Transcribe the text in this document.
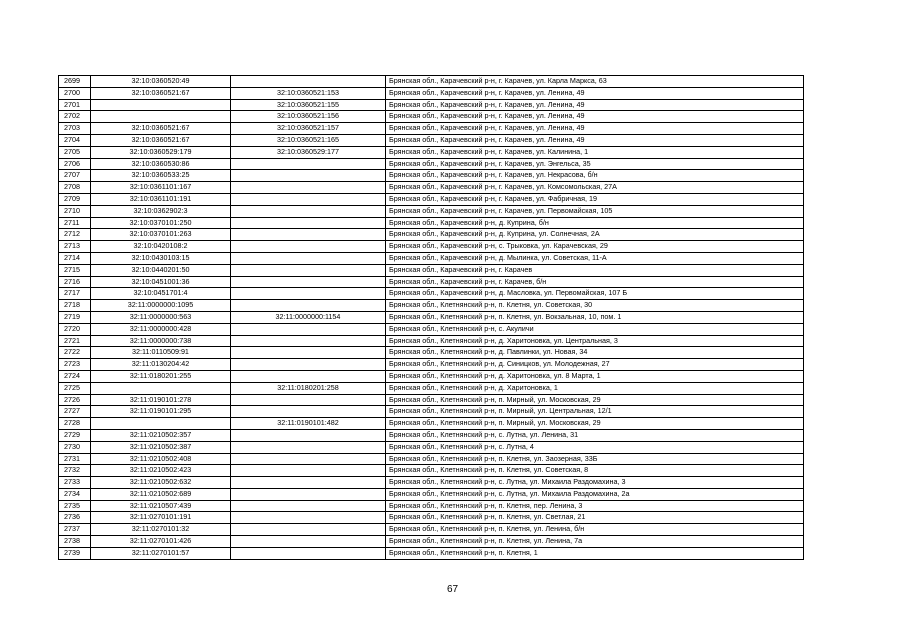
2699	32:10:0360520:49		Брянская обл., Карачевский р-н, г. Карачев, ул. Карла Маркса, 63
2700	32:10:0360521:67	32:10:0360521:153	Брянская обл., Карачевский р-н, г. Карачев, ул. Ленина, 49
2701		32:10:0360521:155	Брянская обл., Карачевский р-н, г. Карачев, ул. Ленина, 49
2702		32:10:0360521:156	Брянская обл., Карачевский р-н, г. Карачев, ул. Ленина, 49
2703	32:10:0360521:67	32:10:0360521:157	Брянская обл., Карачевский р-н, г. Карачев, ул. Ленина, 49
2704	32:10:0360521:67	32:10:0360521:165	Брянская обл., Карачевский р-н, г. Карачев, ул. Ленина, 49
2705	32:10:0360529:179	32:10:0360529:177	Брянская обл., Карачевский р-н, г. Карачев, ул. Калинина, 1
2706	32:10:0360530:86		Брянская обл., Карачевский р-н, г. Карачев, ул. Энгельса, 35
2707	32:10:0360533:25		Брянская обл., Карачевский р-н, г. Карачев, ул. Некрасова, б/н
2708	32:10:0361101:167		Брянская обл., Карачевский р-н, г. Карачев, ул. Комсомольская, 27А
2709	32:10:0361101:191		Брянская обл., Карачевский р-н, г. Карачев, ул. Фабричная, 19
2710	32:10:0362902:3		Брянская обл., Карачевский р-н, г. Карачев, ул. Первомайская, 105
2711	32:10:0370101:250		Брянская обл., Карачевский р-н, д. Куприна, б/н
2712	32:10:0370101:263		Брянская обл., Карачевский р-н, д. Куприна, ул. Солнечная, 2А
2713	32:10:0420108:2		Брянская обл., Карачевский р-н, с. Трыковка, ул. Карачевская, 29
2714	32:10:0430103:15		Брянская обл., Карачевский р-н, д. Мылинка, ул. Советская, 11-А
2715	32:10:0440201:50		Брянская обл., Карачевский р-н, г. Карачев
2716	32:10:0451001:36		Брянская обл., Карачевский р-н, г. Карачев, б/н
2717	32:10:0451701:4		Брянская обл., Карачевский р-н, д. Масловка, ул. Первомайская, 107 Б
2718	32:11:0000000:1095		Брянская обл., Клетнянский р-н, п. Клетня, ул. Советская, 30
2719	32:11:0000000:563	32:11:0000000:1154	Брянская обл., Клетнянский р-н, п. Клетня, ул. Вокзальная, 10, пом. 1
2720	32:11:0000000:428		Брянская обл., Клетнянский р-н, с. Акуличи
2721	32:11:0000000:738		Брянская обл., Клетнянский р-н, д. Харитоновка, ул. Центральная, 3
2722	32:11:0110509:91		Брянская обл., Клетнянский р-н, д. Павлинки, ул. Новая, 34
2723	32:11:0130204:42		Брянская обл., Клетнянский р-н, д. Синицков, ул. Молодежная, 27
2724	32:11:0180201:255		Брянская обл., Клетнянский р-н, д. Харитоновка, ул. 8 Марта, 1
2725		32:11:0180201:258	Брянская обл., Клетнянский р-н, д. Харитоновка, 1
2726	32:11:0190101:278		Брянская обл., Клетнянский р-н, п. Мирный, ул. Московская, 29
2727	32:11:0190101:295		Брянская обл., Клетнянский р-н, п. Мирный, ул. Центральная, 12/1
2728		32:11:0190101:482	Брянская обл., Клетнянский р-н, п. Мирный, ул. Московская, 29
2729	32:11:0210502:357		Брянская обл., Клетнянский р-н, с. Лутна, ул. Ленина, 31
2730	32:11:0210502:387		Брянская обл., Клетнянский р-н, с. Лутна, 4
2731	32:11:0210502:408		Брянская обл., Клетнянский р-н, п. Клетня, ул. Заозерная, 33Б
2732	32:11:0210502:423		Брянская обл., Клетнянский р-н, п. Клетня, ул. Советская, 8
2733	32:11:0210502:632		Брянская обл., Клетнянский р-н, с. Лутна, ул. Михаила Раздомахина, 3
2734	32:11:0210502:689		Брянская обл., Клетнянский р-н, с. Лутна, ул. Михаила Раздомахина, 2а
2735	32:11:0210507:439		Брянская обл., Клетнянский р-н, п. Клетня, пер. Ленина, 3
2736	32:11:0270101:191		Брянская обл., Клетнянский р-н, п. Клетня, ул. Светлая, 21
2737	32:11:0270101:32		Брянская обл., Клетнянский р-н, п. Клетня, ул. Ленина, б/н
2738	32:11:0270101:426		Брянская обл., Клетнянский р-н, п. Клетня, ул. Ленина, 7а
2739	32:11:0270101:57		Брянская обл., Клетнянский р-н, п. Клетня, 1
67
